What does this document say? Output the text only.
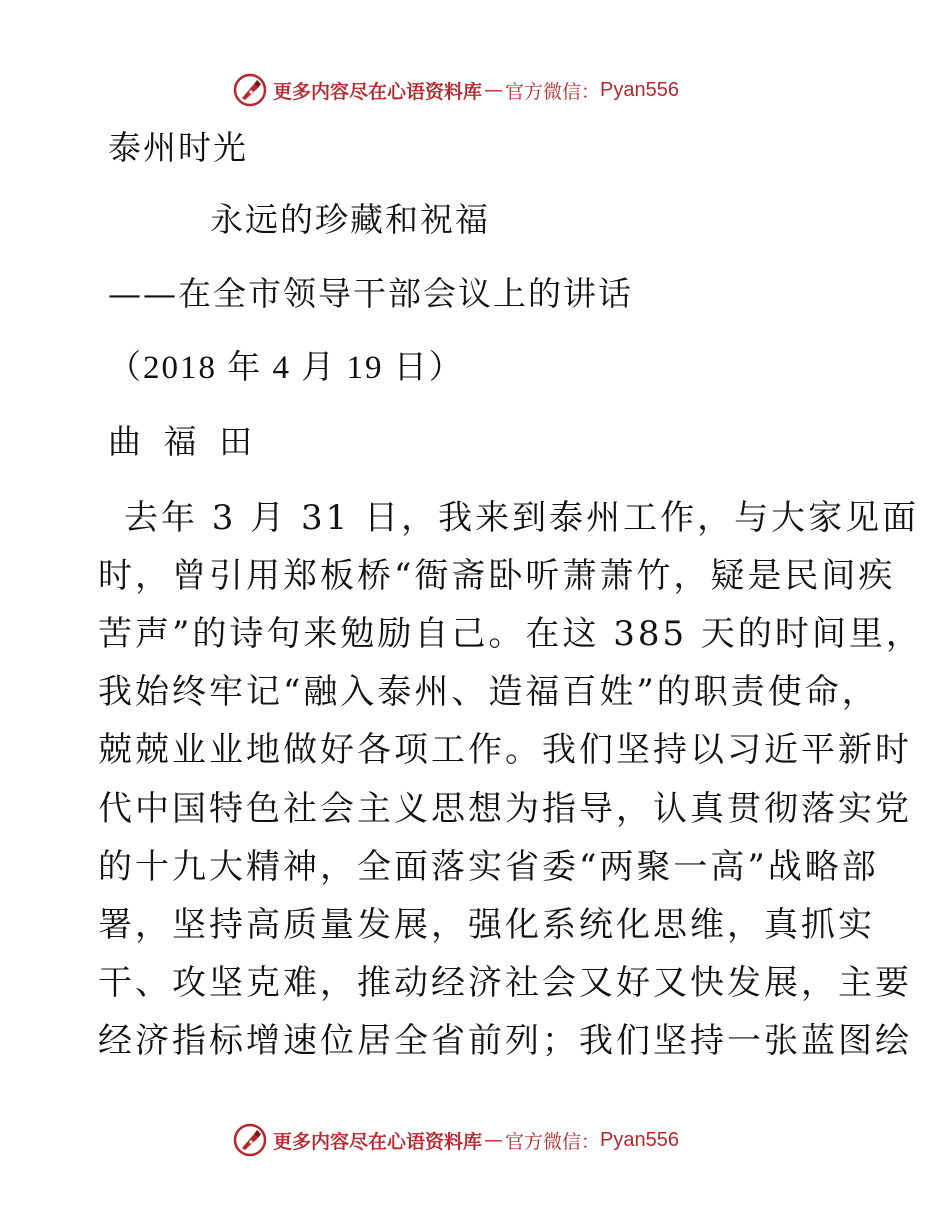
更多内容尽在心语资料库 — 官方微信： Pyan556
泰州时光
永远的珍藏和祝福
——在全市领导干部会议上的讲话
（2018 年 4 月 19 日）
曲 福 田
去年 3 月 31 日，我来到泰州工作，与大家见面
时，曾引用郑板桥“衙斋卧听萧萧竹，疑是民间疾
苦声”的诗句来勉励自己。在这 385 天的时间里，
我始终牢记“融入泰州、造福百姓”的职责使命，
兢兢业业地做好各项工作。我们坚持以习近平新时
代中国特色社会主义思想为指导，认真贯彻落实党
的十九大精神，全面落实省委“两聚一高”战略部
署，坚持高质量发展，强化系统化思维，真抓实
干、攻坚克难，推动经济社会又好又快发展，主要
经济指标增速位居全省前列；我们坚持一张蓝图绘
更多内容尽在心语资料库 — 官方微信： Pyan556
